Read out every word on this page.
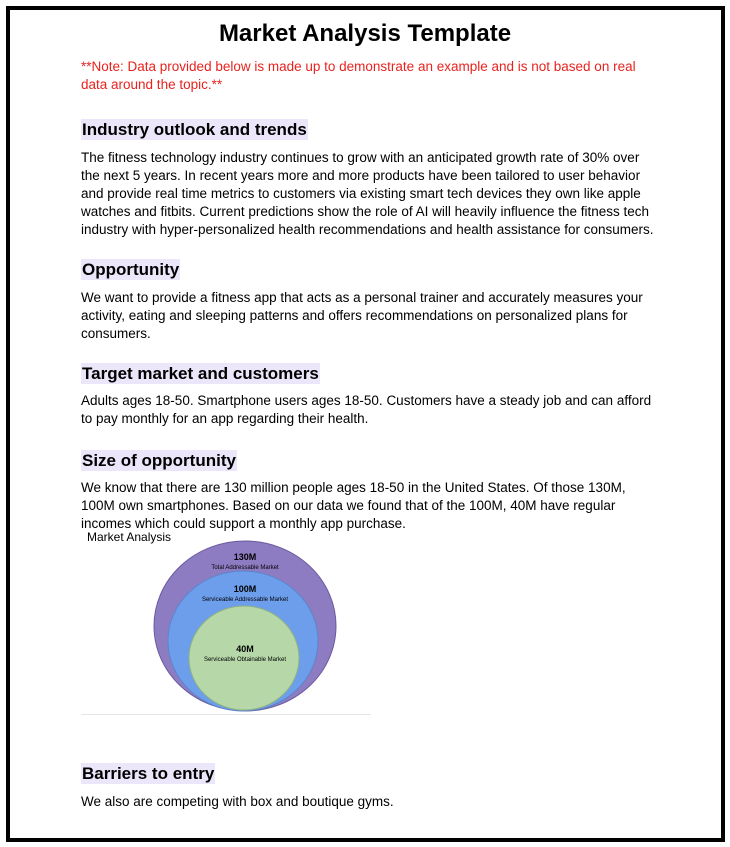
Market Analysis Template
**Note: Data provided below is made up to demonstrate an example and is not based on real data around the topic.**
Industry outlook and trends
The fitness technology industry continues to grow with an anticipated growth rate of 30% over the next 5 years. In recent years more and more products have been tailored to user behavior and provide real time metrics to customers via existing smart tech devices they own like apple watches and fitbits. Current predictions show the role of AI will heavily influence the fitness tech industry with hyper-personalized health recommendations and health assistance for consumers.
Opportunity
We want to provide a fitness app that acts as a personal trainer and accurately measures your activity, eating and sleeping patterns and offers recommendations on personalized plans for consumers.
Target market and customers
Adults ages 18-50. Smartphone users ages 18-50. Customers have a steady job and can afford to pay monthly for an app regarding their health.
Size of opportunity
We know that there are 130 million people ages 18-50 in the United States. Of those 130M, 100M own smartphones. Based on our data we found that of the 100M, 40M have regular incomes which could support a monthly app purchase.
Market Analysis
130M
Total Addressable Market
100M
Serviceable Addressable Market
40M
Serviceable Obtainable Market
Barriers to entry
We also are competing with box and boutique gyms.
